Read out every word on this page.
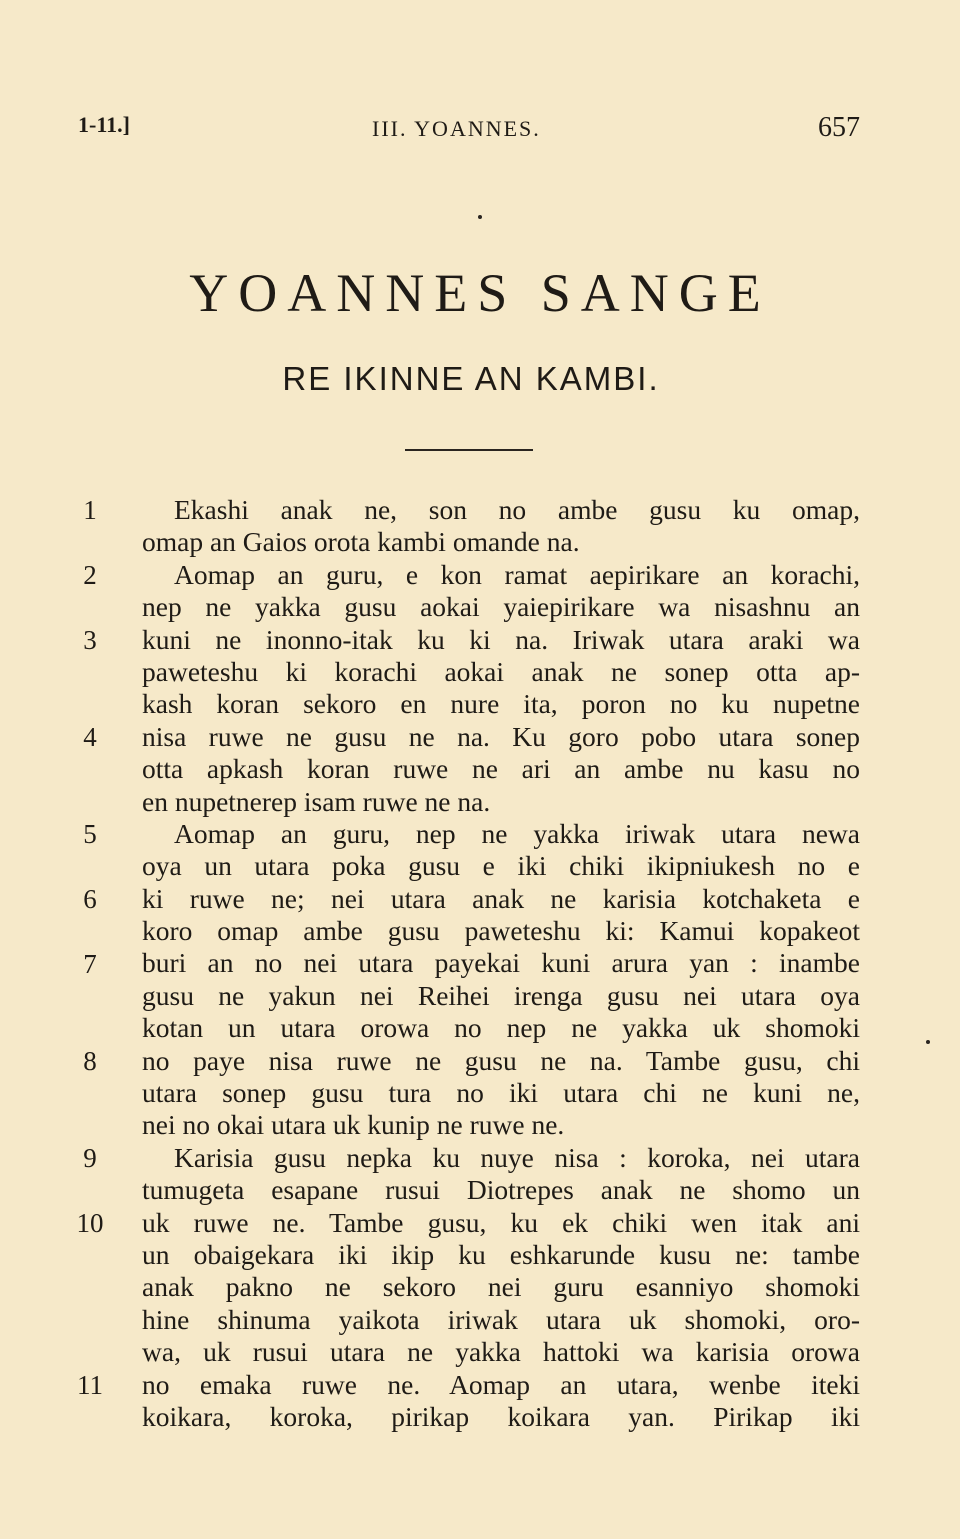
1-11.]	III. YOANNES.	657
YOANNES SANGE
RE IKINNE AN KAMBI.
1
2
3
4
5
6
7
8
9
10
11
Ekashi anak ne, son no ambe gusu ku omap,
omap an Gaios orota kambi omande na.
Aomap an guru, e kon ramat aepirikare an korachi,
nep ne yakka gusu aokai yaiepirikare wa nisashnu an
kuni ne inonno-itak ku ki na. Iriwak utara araki wa
paweteshu ki korachi aokai anak ne sonep otta ap-
kash koran sekoro en nure ita, poron no ku nupetne
nisa ruwe ne gusu ne na. Ku goro pobo utara sonep
otta apkash koran ruwe ne ari an ambe nu kasu no
en nupetnerep isam ruwe ne na.
Aomap an guru, nep ne yakka iriwak utara newa
oya un utara poka gusu e iki chiki ikipniukesh no e
ki ruwe ne; nei utara anak ne karisia kotchaketa e
koro omap ambe gusu paweteshu ki: Kamui kopakeot
buri an no nei utara payekai kuni arura yan : inambe
gusu ne yakun nei Reihei irenga gusu nei utara oya
kotan un utara orowa no nep ne yakka uk shomoki
no paye nisa ruwe ne gusu ne na. Tambe gusu, chi
utara sonep gusu tura no iki utara chi ne kuni ne,
nei no okai utara uk kunip ne ruwe ne.
Karisia gusu nepka ku nuye nisa : koroka, nei utara
tumugeta esapane rusui Diotrepes anak ne shomo un
uk ruwe ne. Tambe gusu, ku ek chiki wen itak ani
un obaigekara iki ikip ku eshkarunde kusu ne: tambe
anak pakno ne sekoro nei guru esanniyo shomoki
hine shinuma yaikota iriwak utara uk shomoki, oro-
wa, uk rusui utara ne yakka hattoki wa karisia orowa
no emaka ruwe ne. Aomap an utara, wenbe iteki
koikara, koroka, pirikap koikara yan. Pirikap iki
